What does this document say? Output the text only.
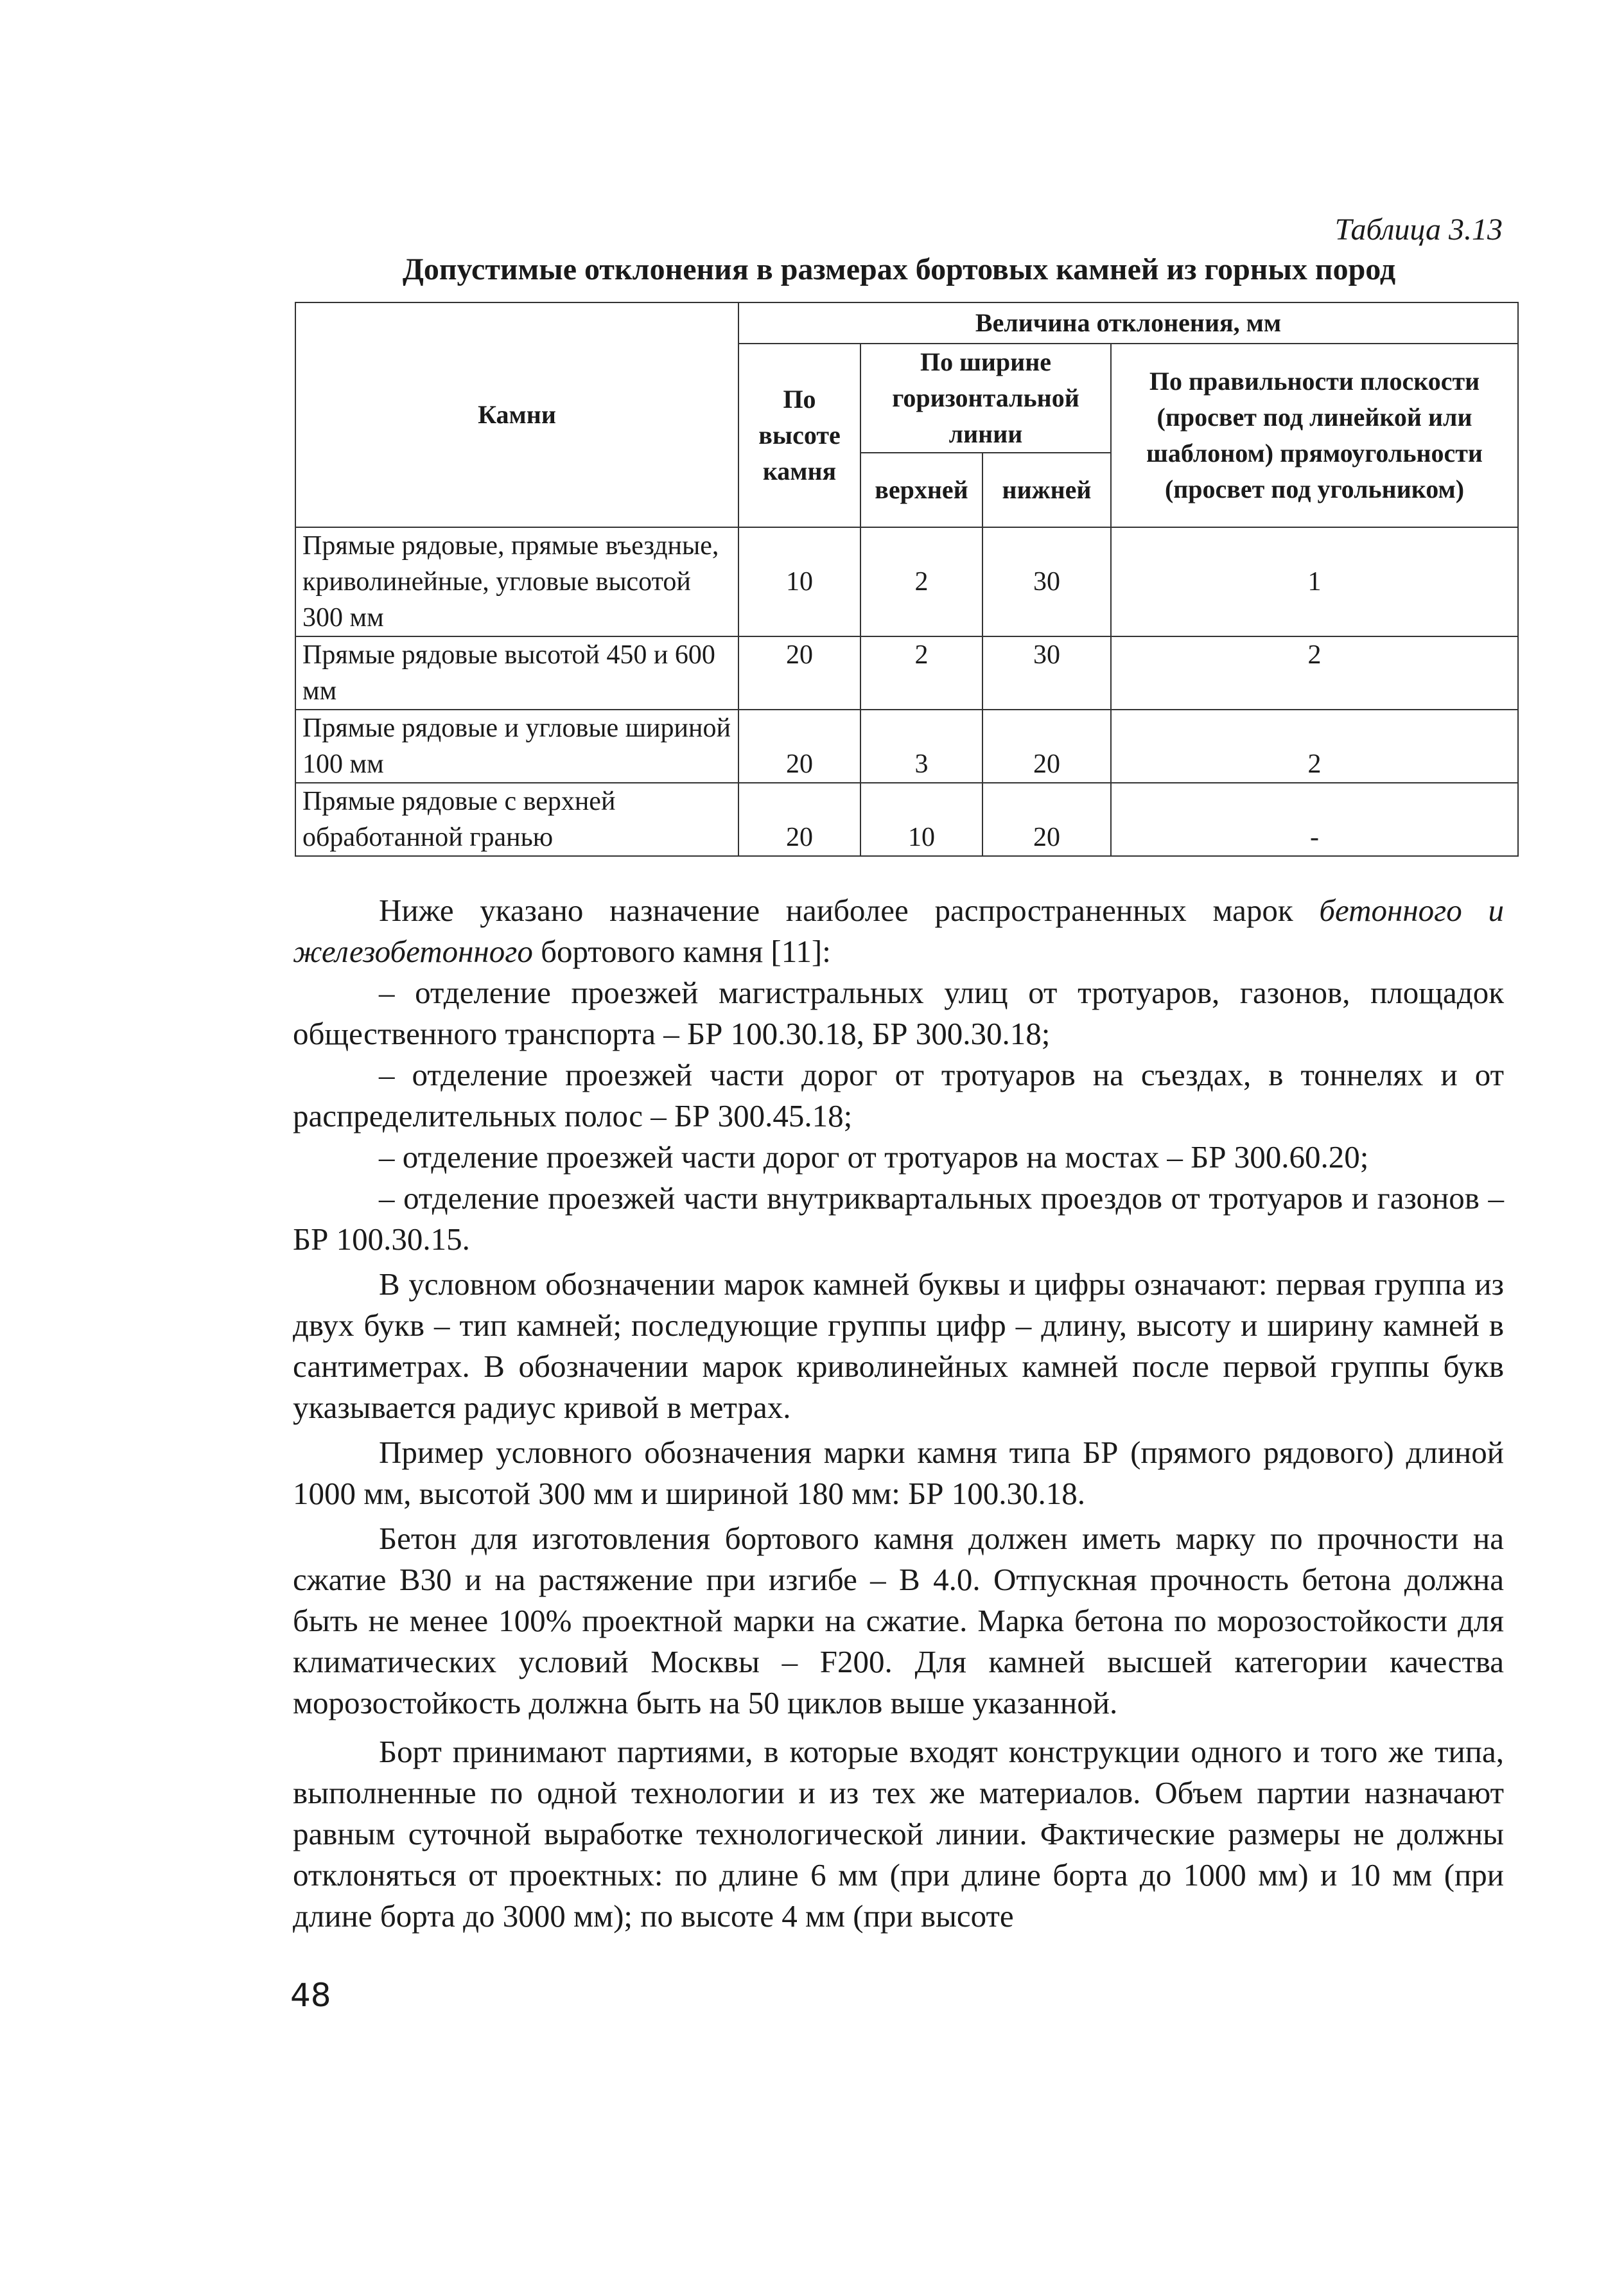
Таблица 3.13
Допустимые отклонения в размерах бортовых камней из горных пород
Камни	Величина отклонения, мм			
	По высоте камня	По ширине горизонтальной линии		По правильности плоскости (просвет под линейкой или шаблоном) прямоугольности (просвет под угольником)
		верхней	нижней	
Прямые рядовые, прямые въездные, криволинейные, угловые высотой 300 мм	10	2	30	1
Прямые рядовые высотой 450 и 600 мм	20	2	30	2
Прямые рядовые и угловые шириной 100 мм	20	3	20	2
Прямые рядовые с верхней обработанной гранью	20	10	20	-

Ниже указано назначение наиболее распространенных марок бетонного и железобетонного бортового камня [11]:

– отделение проезжей магистральных улиц от тротуаров, газонов, площадок общественного транспорта – БР 100.30.18, БР 300.30.18;

– отделение проезжей части дорог от тротуаров на съездах, в тоннелях и от распределительных полос – БР 300.45.18;

– отделение проезжей части дорог от тротуаров на мостах – БР 300.60.20;

– отделение проезжей части внутриквартальных проездов от тротуаров и газонов – БР 100.30.15.

В условном обозначении марок камней буквы и цифры означают: первая группа из двух букв – тип камней; последующие группы цифр – длину, высоту и ширину камней в сантиметрах. В обозначении марок криволинейных камней после первой группы букв указывается радиус кривой в метрах.

Пример условного обозначения марки камня типа БР (прямого рядового) длиной 1000 мм, высотой 300 мм и шириной 180 мм: БР 100.30.18.

Бетон для изготовления бортового камня должен иметь марку по прочности на сжатие В30 и на растяжение при изгибе – В 4.0. Отпускная прочность бетона должна быть не менее 100% проектной марки на сжатие. Марка бетона по морозостойкости для климатических условий Москвы – F200. Для камней высшей категории качества морозостойкость должна быть на 50 циклов выше указанной.

Борт принимают партиями, в которые входят конструкции одного и того же типа, выполненные по одной технологии и из тех же материалов. Объем партии назначают равным суточной выработке технологической линии. Фактические размеры не должны отклоняться от проектных: по длине 6 мм (при длине борта до 1000 мм) и 10 мм (при длине борта до 3000 мм); по высоте 4 мм (при высоте

48
